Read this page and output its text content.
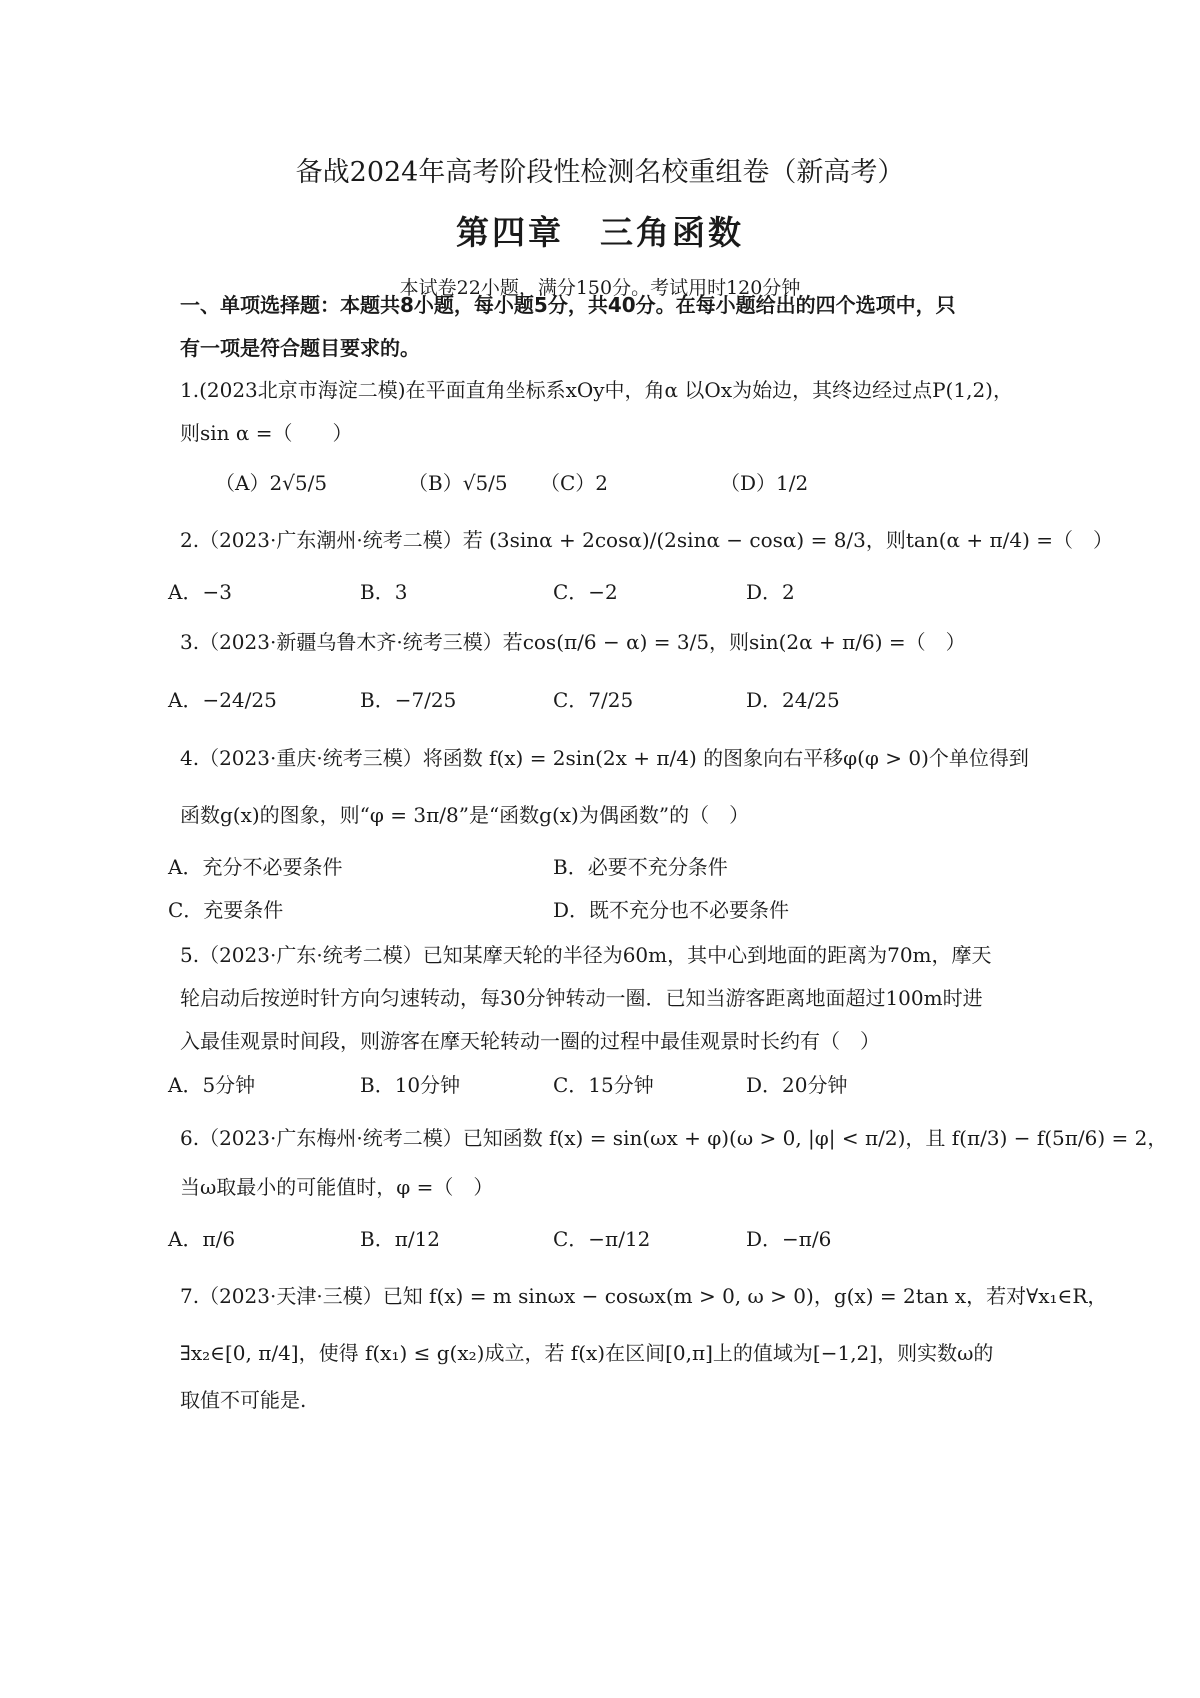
备战2024年高考阶段性检测名校重组卷（新高考）
第四章　三角函数
本试卷22小题，满分150分。考试用时120分钟
一、单项选择题：本题共8小题，每小题5分，共40分。在每小题给出的四个选项中，只
有一项是符合题目要求的。
1.(2023北京市海淀二模)在平面直角坐标系xOy中，角α 以Ox为始边，其终边经过点P(1,2)，
则sin α =（　　）
（A）2√5/5	（B）√5/5 （C）2	（D）1/2
2.（2023·广东潮州·统考二模）若 (3sinα + 2cosα)/(2sinα − cosα) = 8/3，则tan(α + π/4) =（　）
A．−3	B．3	C．−2	D．2
3.（2023·新疆乌鲁木齐·统考三模）若cos(π/6 − α) = 3/5，则sin(2α + π/6) =（　）
A．−24/25	B．−7/25	C．7/25	D．24/25
4.（2023·重庆·统考三模）将函数 f(x) = 2sin(2x + π/4) 的图象向右平移φ(φ > 0)个单位得到
函数g(x)的图象，则“φ = 3π/8”是“函数g(x)为偶函数”的（　）
A．充分不必要条件	B．必要不充分条件
C．充要条件	D．既不充分也不必要条件
5.（2023·广东·统考二模）已知某摩天轮的半径为60m，其中心到地面的距离为70m，摩天
轮启动后按逆时针方向匀速转动，每30分钟转动一圈．已知当游客距离地面超过100m时进
入最佳观景时间段，则游客在摩天轮转动一圈的过程中最佳观景时长约有（　）
A．5分钟	B．10分钟	C．15分钟	D．20分钟
6.（2023·广东梅州·统考二模）已知函数 f(x) = sin(ωx + φ)(ω > 0, |φ| < π/2)，且 f(π/3) − f(5π/6) = 2，
当ω取最小的可能值时，φ =（　）
A．π/6	B．π/12	C．−π/12	D．−π/6
7.（2023·天津·三模）已知 f(x) = m sinωx − cosωx(m > 0, ω > 0)，g(x) = 2tan x，若对∀x₁∈R，
∃x₂∈[0, π/4]，使得 f(x₁) ≤ g(x₂)成立，若 f(x)在区间[0,π]上的值域为[−1,2]，则实数ω的
取值不可能是.
